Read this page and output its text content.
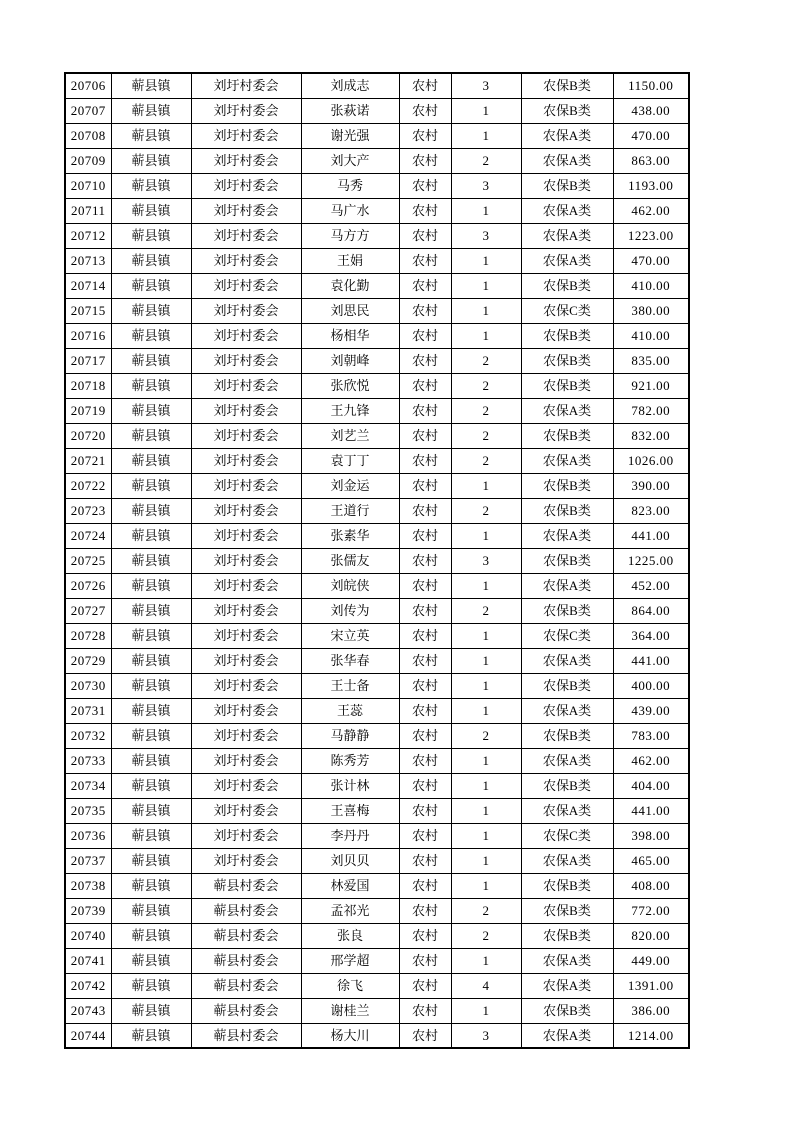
20706	蕲县镇	刘圩村委会	刘成志	农村	3	农保B类	1150.00
20707	蕲县镇	刘圩村委会	张萩诺	农村	1	农保B类	438.00
20708	蕲县镇	刘圩村委会	谢光强	农村	1	农保A类	470.00
20709	蕲县镇	刘圩村委会	刘大产	农村	2	农保A类	863.00
20710	蕲县镇	刘圩村委会	马秀	农村	3	农保B类	1193.00
20711	蕲县镇	刘圩村委会	马广水	农村	1	农保A类	462.00
20712	蕲县镇	刘圩村委会	马方方	农村	3	农保A类	1223.00
20713	蕲县镇	刘圩村委会	王娟	农村	1	农保A类	470.00
20714	蕲县镇	刘圩村委会	袁化勤	农村	1	农保B类	410.00
20715	蕲县镇	刘圩村委会	刘思民	农村	1	农保C类	380.00
20716	蕲县镇	刘圩村委会	杨相华	农村	1	农保B类	410.00
20717	蕲县镇	刘圩村委会	刘朝峰	农村	2	农保B类	835.00
20718	蕲县镇	刘圩村委会	张欣悦	农村	2	农保B类	921.00
20719	蕲县镇	刘圩村委会	王九锋	农村	2	农保A类	782.00
20720	蕲县镇	刘圩村委会	刘艺兰	农村	2	农保B类	832.00
20721	蕲县镇	刘圩村委会	袁丁丁	农村	2	农保A类	1026.00
20722	蕲县镇	刘圩村委会	刘金运	农村	1	农保B类	390.00
20723	蕲县镇	刘圩村委会	王道行	农村	2	农保B类	823.00
20724	蕲县镇	刘圩村委会	张素华	农村	1	农保A类	441.00
20725	蕲县镇	刘圩村委会	张儒友	农村	3	农保B类	1225.00
20726	蕲县镇	刘圩村委会	刘皖侠	农村	1	农保A类	452.00
20727	蕲县镇	刘圩村委会	刘传为	农村	2	农保B类	864.00
20728	蕲县镇	刘圩村委会	宋立英	农村	1	农保C类	364.00
20729	蕲县镇	刘圩村委会	张华春	农村	1	农保A类	441.00
20730	蕲县镇	刘圩村委会	王士备	农村	1	农保B类	400.00
20731	蕲县镇	刘圩村委会	王蕊	农村	1	农保A类	439.00
20732	蕲县镇	刘圩村委会	马静静	农村	2	农保B类	783.00
20733	蕲县镇	刘圩村委会	陈秀芳	农村	1	农保A类	462.00
20734	蕲县镇	刘圩村委会	张计林	农村	1	农保B类	404.00
20735	蕲县镇	刘圩村委会	王喜梅	农村	1	农保A类	441.00
20736	蕲县镇	刘圩村委会	李丹丹	农村	1	农保C类	398.00
20737	蕲县镇	刘圩村委会	刘贝贝	农村	1	农保A类	465.00
20738	蕲县镇	蕲县村委会	林爱国	农村	1	农保B类	408.00
20739	蕲县镇	蕲县村委会	孟祁光	农村	2	农保B类	772.00
20740	蕲县镇	蕲县村委会	张良	农村	2	农保B类	820.00
20741	蕲县镇	蕲县村委会	邢学超	农村	1	农保A类	449.00
20742	蕲县镇	蕲县村委会	徐飞	农村	4	农保A类	1391.00
20743	蕲县镇	蕲县村委会	谢桂兰	农村	1	农保B类	386.00
20744	蕲县镇	蕲县村委会	杨大川	农村	3	农保A类	1214.00
